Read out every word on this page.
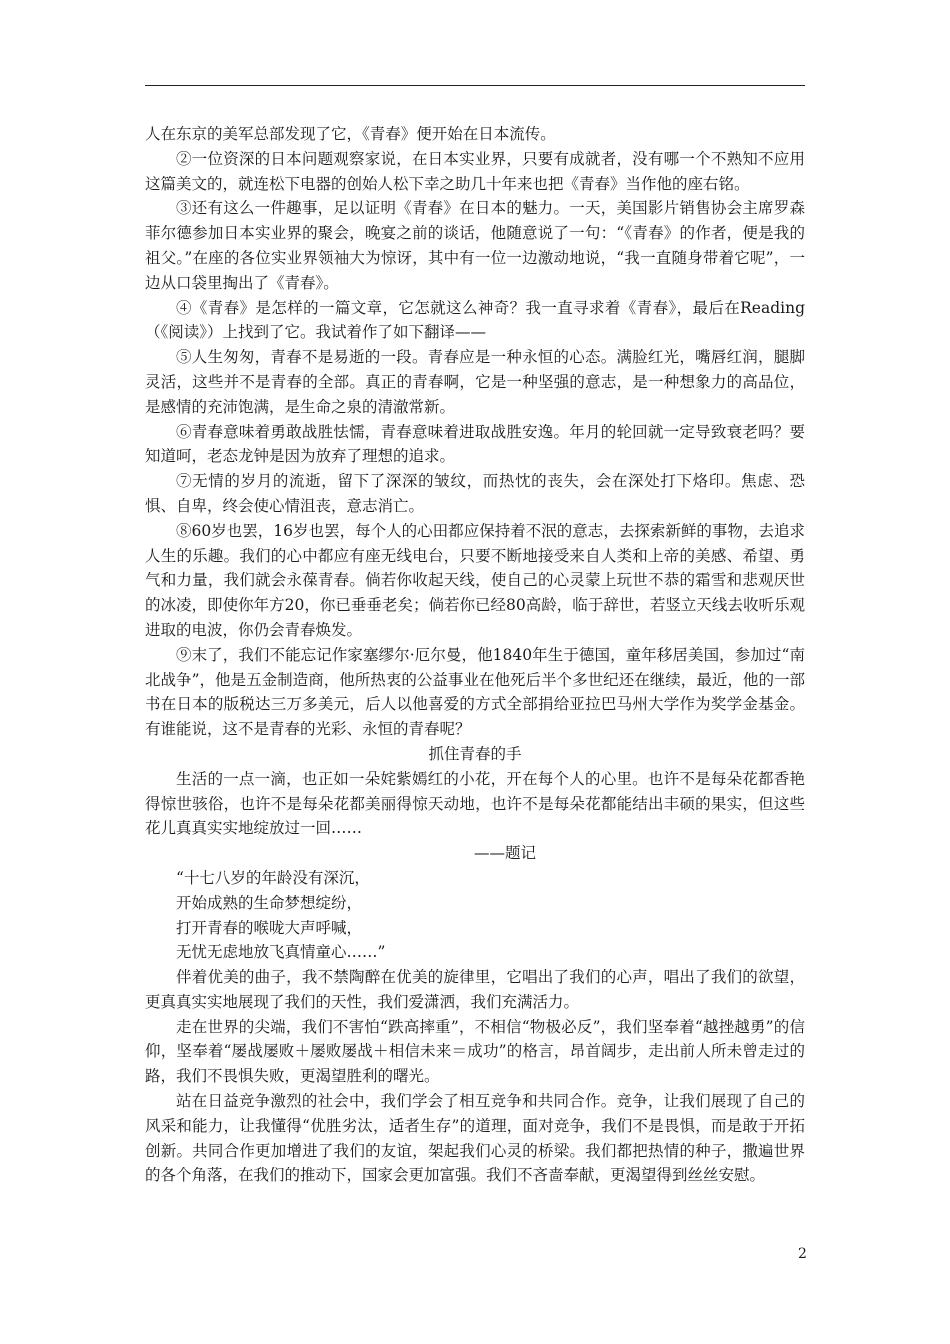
人在东京的美军总部发现了它，《青春》便开始在日本流传。

②一位资深的日本问题观察家说，在日本实业界，只要有成就者，没有哪一个不熟知不应用这篇美文的，就连松下电器的创始人松下幸之助几十年来也把《青春》当作他的座右铭。

③还有这么一件趣事，足以证明《青春》在日本的魅力。一天，美国影片销售协会主席罗森菲尔德参加日本实业界的聚会，晚宴之前的谈话，他随意说了一句：“《青春》的作者，便是我的祖父。”在座的各位实业界领袖大为惊讶，其中有一位一边激动地说，“我一直随身带着它呢”，一边从口袋里掏出了《青春》。

④《青春》是怎样的一篇文章，它怎就这么神奇？我一直寻求着《青春》，最后在Reading（《阅读》）上找到了它。我试着作了如下翻译——

⑤人生匆匆，青春不是易逝的一段。青春应是一种永恒的心态。满脸红光，嘴唇红润，腿脚灵活，这些并不是青春的全部。真正的青春啊，它是一种坚强的意志，是一种想象力的高品位，是感情的充沛饱满，是生命之泉的清澈常新。

⑥青春意味着勇敢战胜怯懦，青春意味着进取战胜安逸。年月的轮回就一定导致衰老吗？要知道呵，老态龙钟是因为放弃了理想的追求。

⑦无情的岁月的流逝，留下了深深的皱纹，而热忱的丧失，会在深处打下烙印。焦虑、恐惧、自卑，终会使心情沮丧，意志消亡。

⑧60岁也罢，16岁也罢，每个人的心田都应保持着不泯的意志，去探索新鲜的事物，去追求人生的乐趣。我们的心中都应有座无线电台，只要不断地接受来自人类和上帝的美感、希望、勇气和力量，我们就会永葆青春。倘若你收起天线，使自己的心灵蒙上玩世不恭的霜雪和悲观厌世的冰凌，即使你年方20，你已垂垂老矣；倘若你已经80高龄，临于辞世，若竖立天线去收听乐观进取的电波，你仍会青春焕发。

⑨末了，我们不能忘记作家塞缪尔·厄尔曼，他1840年生于德国，童年移居美国，参加过“南北战争”，他是五金制造商，他所热衷的公益事业在他死后半个多世纪还在继续，最近，他的一部书在日本的版税达三万多美元，后人以他喜爱的方式全部捐给亚拉巴马州大学作为奖学金基金。有谁能说，这不是青春的光彩、永恒的青春呢？

抓住青春的手

生活的一点一滴，也正如一朵姹紫嫣红的小花，开在每个人的心里。也许不是每朵花都香艳得惊世骇俗，也许不是每朵花都美丽得惊天动地，也许不是每朵花都能结出丰硕的果实，但这些花儿真真实实地绽放过一回……

——题记

“十七八岁的年龄没有深沉，

开始成熟的生命梦想绽纷，

打开青春的喉咙大声呼喊，

无忧无虑地放飞真情童心……”

伴着优美的曲子，我不禁陶醉在优美的旋律里，它唱出了我们的心声，唱出了我们的欲望，更真真实实地展现了我们的天性，我们爱潇洒，我们充满活力。

走在世界的尖端，我们不害怕“跌高摔重”，不相信“物极必反”，我们坚奉着“越挫越勇”的信仰，坚奉着“屡战屡败＋屡败屡战＋相信未来＝成功”的格言，昂首阔步，走出前人所未曾走过的路，我们不畏惧失败，更渴望胜利的曙光。

站在日益竞争激烈的社会中，我们学会了相互竞争和共同合作。竞争，让我们展现了自己的风采和能力，让我懂得“优胜劣汰，适者生存”的道理，面对竞争，我们不是畏惧，而是敢于开拓创新。共同合作更加增进了我们的友谊，架起我们心灵的桥梁。我们都把热情的种子，撒遍世界的各个角落，在我们的推动下，国家会更加富强。我们不吝啬奉献，更渴望得到丝丝安慰。

2
